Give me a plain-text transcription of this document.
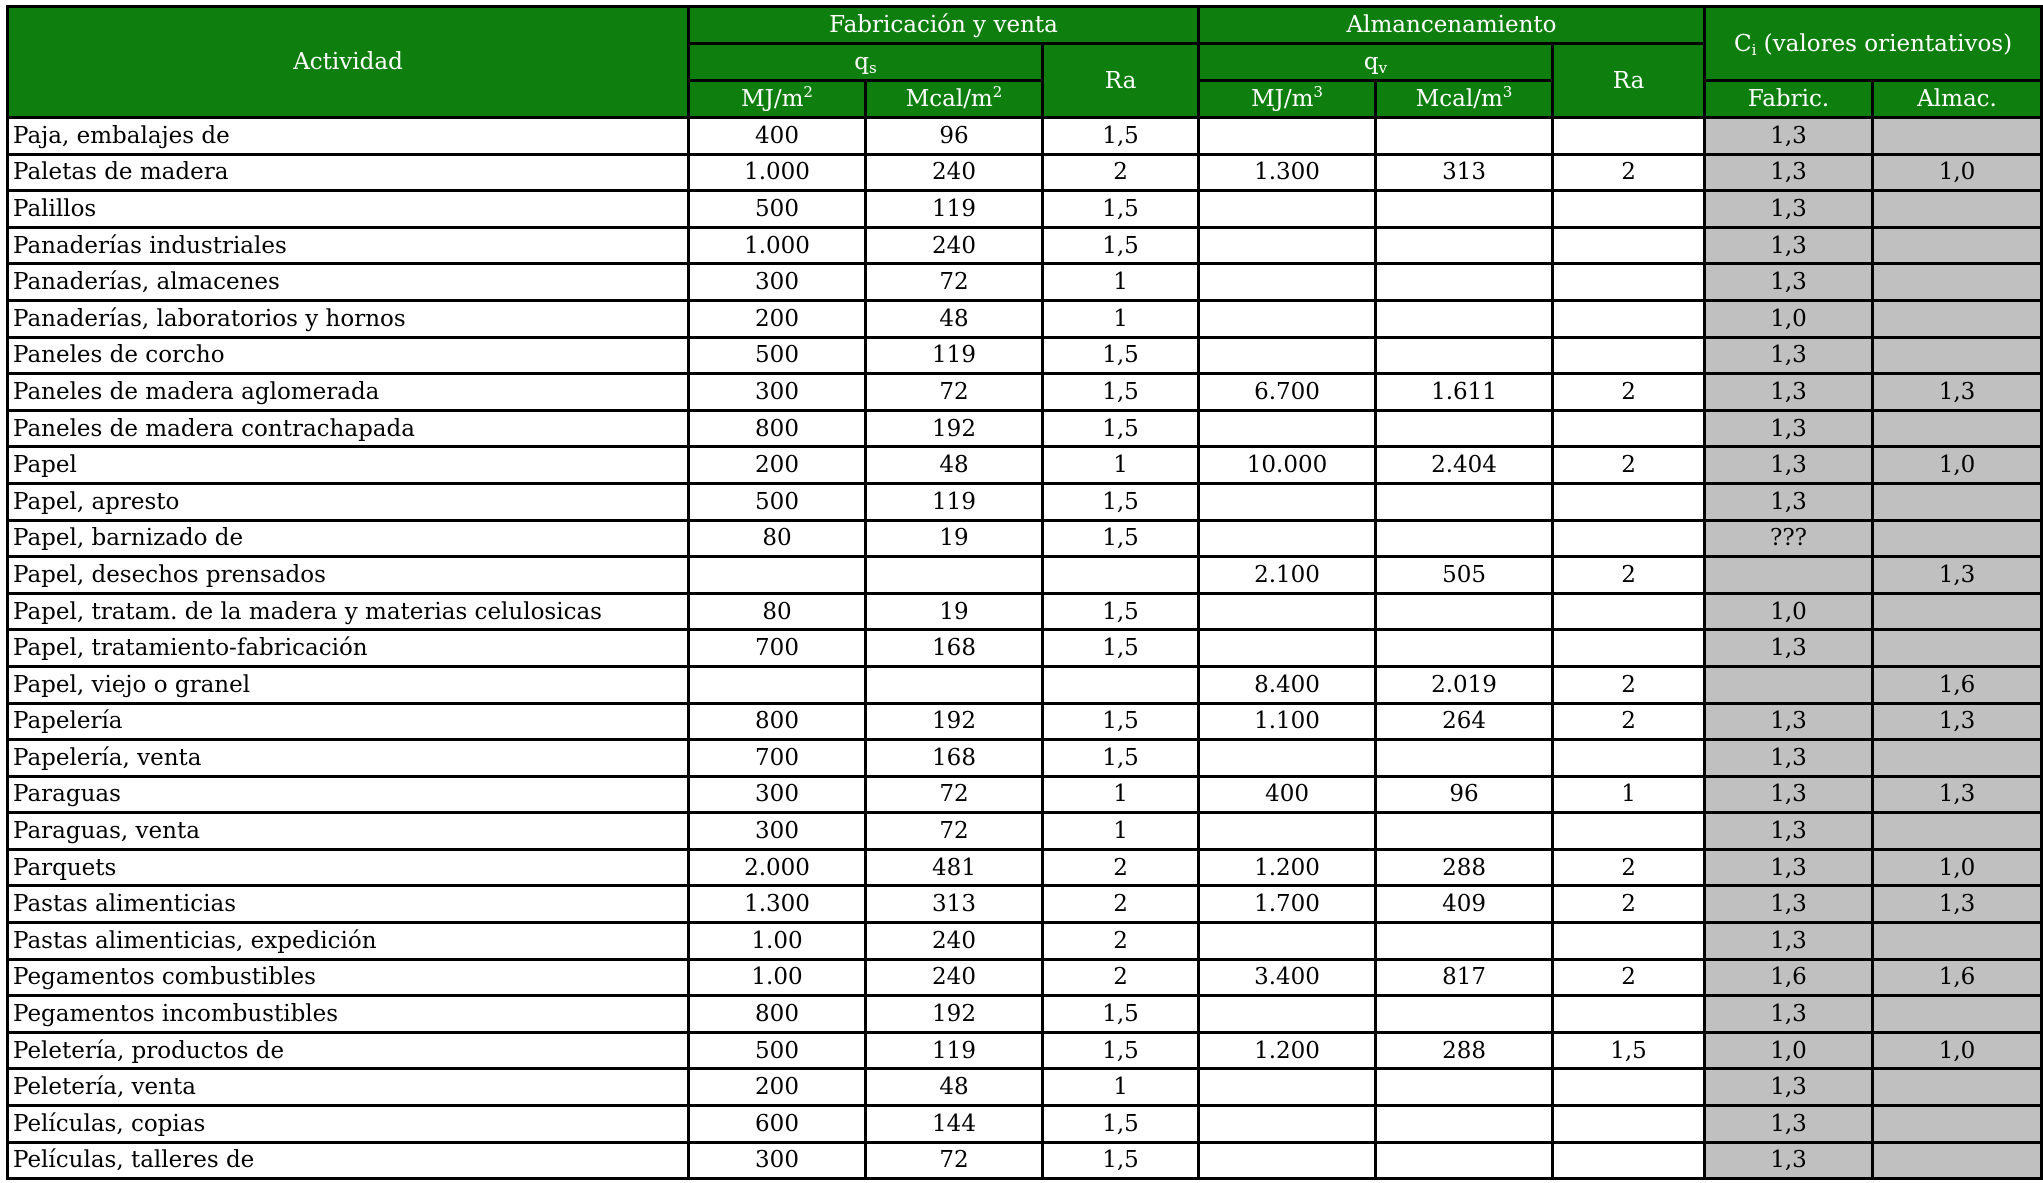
Actividad	Fabricación y venta			Almancenamiento			$C_i$ (valores orientativos)	
	$q_s$		Ra	$q_v$		Ra		
	$MJ/m^2$	Mcal/$m^2$		$MJ/m^3$	Mcal/$m^3$		Fabric.	Almac.
Paja, embalajes de	400	96	1,5				1,3	
Paletas de madera	1.000	240	2	1.300	313	2	1,3	1,0
Palillos	500	119	1,5				1,3	
Panaderías industriales	1.000	240	1,5				1,3	
Panaderías, almacenes	300	72	1				1,3	
Panaderías, laboratorios y hornos	200	48	1				1,0	
Paneles de corcho	500	119	1,5				1,3	
Paneles de madera aglomerada	300	72	1,5	6.700	1.611	2	1,3	1,3
Paneles de madera contrachapada	800	192	1,5				1,3	
Papel	200	48	1	10.000	2.404	2	1,3	1,0
Papel, apresto	500	119	1,5				1,3	
Papel, barnizado de	80	19	1,5				???	
Papel, desechos prensados				2.100	505	2		1,3
Papel, tratam. de la madera y materias celulosicas	80	19	1,5				1,0	
Papel, tratamiento-fabricación	700	168	1,5				1,3	
Papel, viejo o granel				8.400	2.019	2		1,6
Papelería	800	192	1,5	1.100	264	2	1,3	1,3
Papelería, venta	700	168	1,5				1,3	
Paraguas	300	72	1	400	96	1	1,3	1,3
Paraguas, venta	300	72	1				1,3	
Parquets	2.000	481	2	1.200	288	2	1,3	1,0
Pastas alimenticias	1.300	313	2	1.700	409	2	1,3	1,3
Pastas alimenticias, expedición	1.00	240	2				1,3	
Pegamentos combustibles	1.00	240	2	3.400	817	2	1,6	1,6
Pegamentos incombustibles	800	192	1,5				1,3	
Peletería, productos de	500	119	1,5	1.200	288	1,5	1,0	1,0
Peletería, venta	200	48	1				1,3	
Películas, copias	600	144	1,5				1,3	
Películas, talleres de	300	72	1,5				1,3	
